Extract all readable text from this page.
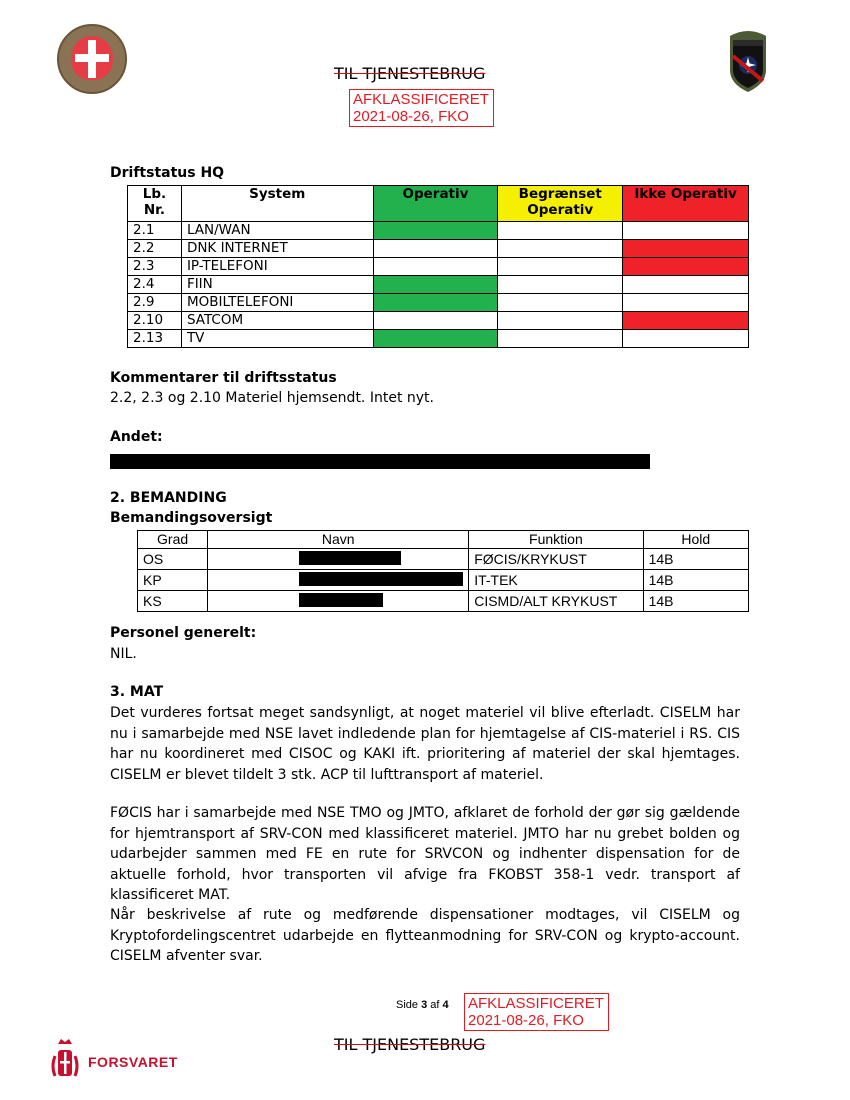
TIL TJENESTEBRUG
AFKLASSIFICERET
2021-08-26, FKO
Driftstatus HQ
Lb. Nr.	System	Operativ	Begrænset Operativ	Ikke Operativ
2.1	LAN/WAN			
2.2	DNK INTERNET			
2.3	IP-TELEFONI			
2.4	FIIN			
2.9	MOBILTELEFONI			
2.10	SATCOM			
2.13	TV			
Kommentarer til driftsstatus
2.2, 2.3 og 2.10 Materiel hjemsendt. Intet nyt.
Andet:
2. BEMANDING
Bemandingsoversigt
Grad	Navn	Funktion	Hold
OS		FØCIS/KRYKUST	14B
KP		IT-TEK	14B
KS		CISMD/ALT KRYKUST	14B
Personel generelt:
NIL.
3. MAT
Det vurderes fortsat meget sandsynligt, at noget materiel vil blive efterladt. CISELM har nu i samarbejde med NSE lavet indledende plan for hjemtagelse af CIS-materiel i RS. CIS har nu koordineret med CISOC og KAKI ift. prioritering af materiel der skal hjemtages. CISELM er blevet tildelt 3 stk. ACP til lufttransport af materiel.
FØCIS har i samarbejde med NSE TMO og JMTO, afklaret de forhold der gør sig gældende for hjemtransport af SRV-CON med klassificeret materiel. JMTO har nu grebet bolden og udarbejder sammen med FE en rute for SRVCON og indhenter dispensation for de aktuelle forhold, hvor transporten vil afvige fra FKOBST 358-1 vedr. transport af klassificeret MAT.
Når beskrivelse af rute og medførende dispensationer modtages, vil CISELM og Kryptofordelingscentret udarbejde en flytteanmodning for SRV-CON og krypto-account. CISELM afventer svar.
Side 3 af 4 AFKLASSIFICERET
2021-08-26, FKO
TIL TJENESTEBRUG
FORSVARET
